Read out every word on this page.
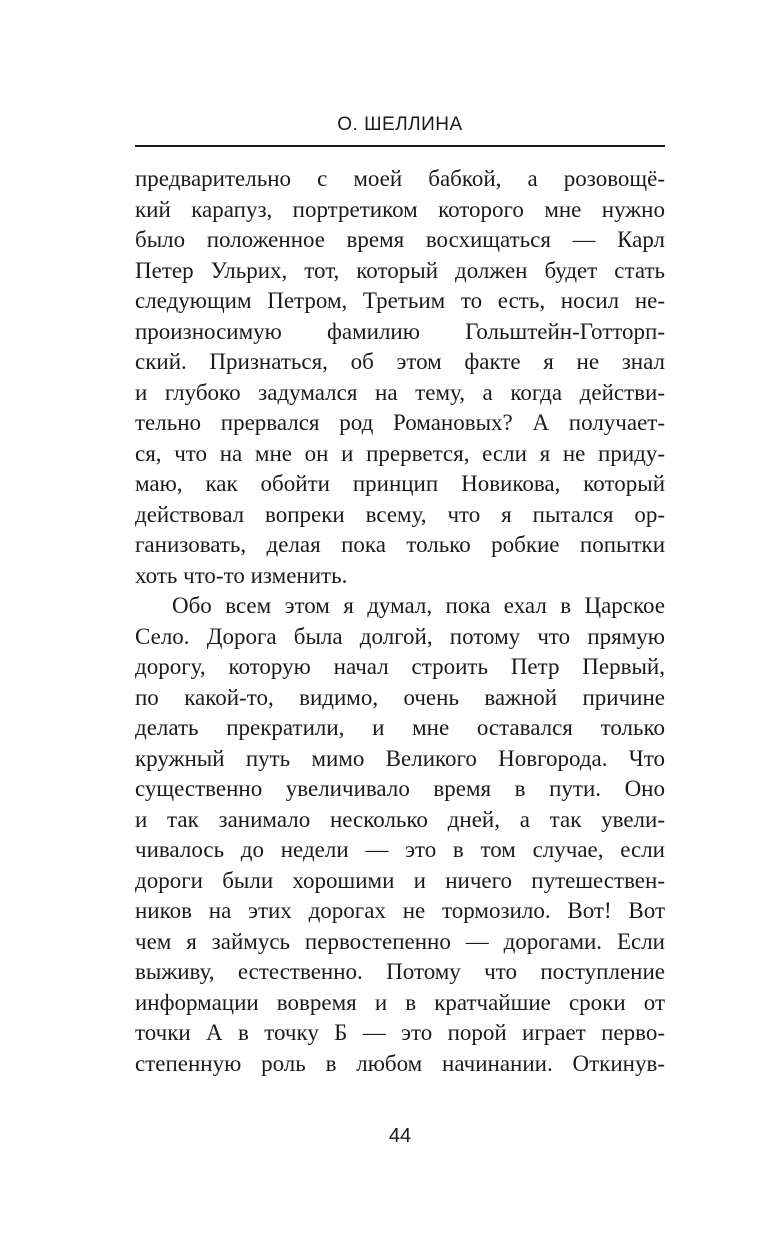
О. ШЕЛЛИНА
предварительно с моей бабкой, а розовощё-
кий карапуз, портретиком которого мне нужно
было положенное время восхищаться — Карл
Петер Ульрих, тот, который должен будет стать
следующим Петром, Третьим то есть, носил не-
произносимую фамилию Гольштейн-Готторп-
ский. Признаться, об этом факте я не знал
и глубоко задумался на тему, а когда действи-
тельно прервался род Романовых? А получает-
ся, что на мне он и прервется, если я не приду-
маю, как обойти принцип Новикова, который
действовал вопреки всему, что я пытался ор-
ганизовать, делая пока только робкие попытки
хоть что-то изменить.
Обо всем этом я думал, пока ехал в Царское
Село. Дорога была долгой, потому что прямую
дорогу, которую начал строить Петр Первый,
по какой-то, видимо, очень важной причине
делать прекратили, и мне оставался только
кружный путь мимо Великого Новгорода. Что
существенно увеличивало время в пути. Оно
и так занимало несколько дней, а так увели-
чивалось до недели — это в том случае, если
дороги были хорошими и ничего путешествен-
ников на этих дорогах не тормозило. Вот! Вот
чем я займусь первостепенно — дорогами. Если
выживу, естественно. Потому что поступление
информации вовремя и в кратчайшие сроки от
точки А в точку Б — это порой играет перво-
степенную роль в любом начинании. Откинув-
44
